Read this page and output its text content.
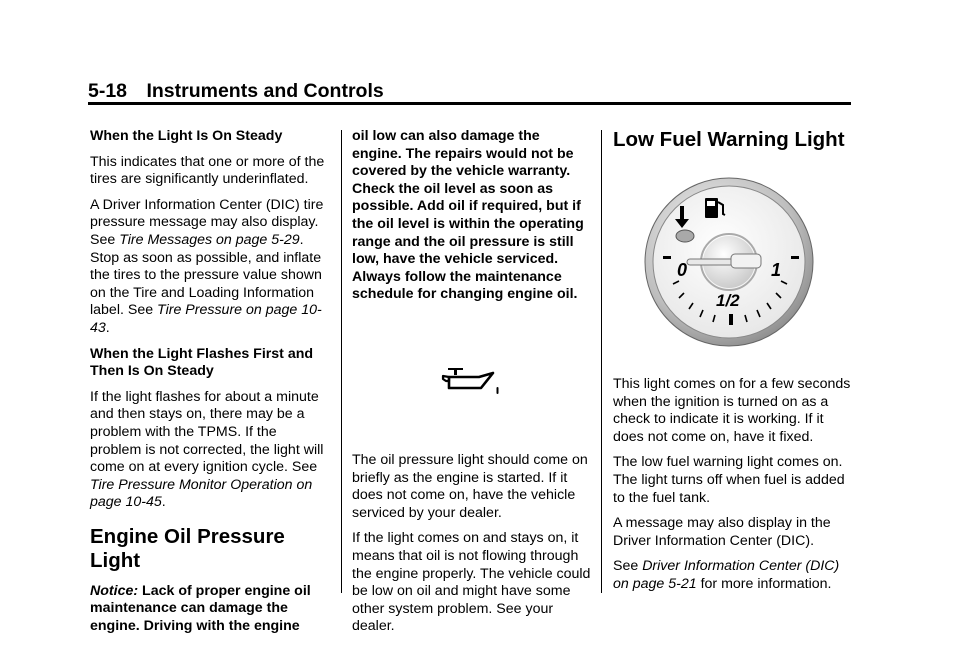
5-18 Instruments and Controls

When the Light Is On Steady

This indicates that one or more of the tires are significantly underinflated.

A Driver Information Center (DIC) tire pressure message may also display. See Tire Messages on page 5-29. Stop as soon as possible, and inflate the tires to the pressure value shown on the Tire and Loading Information label. See Tire Pressure on page 10-43.

When the Light Flashes First and Then Is On Steady

If the light flashes for about a minute and then stays on, there may be a problem with the TPMS. If the problem is not corrected, the light will come on at every ignition cycle. See Tire Pressure Monitor Operation on page 10-45.

Engine Oil Pressure Light

Notice: Lack of proper engine oil maintenance can damage the engine. Driving with the engine

oil low can also damage the engine. The repairs would not be covered by the vehicle warranty. Check the oil level as soon as possible. Add oil if required, but if the oil level is within the operating range and the oil pressure is still low, have the vehicle serviced. Always follow the maintenance schedule for changing engine oil.

The oil pressure light should come on briefly as the engine is started. If it does not come on, have the vehicle serviced by your dealer.

If the light comes on and stays on, it means that oil is not flowing through the engine properly. The vehicle could be low on oil and might have some other system problem. See your dealer.

Low Fuel Warning Light
0	1
1/2

This light comes on for a few seconds when the ignition is turned on as a check to indicate it is working. If it does not come on, have it fixed.

The low fuel warning light comes on. The light turns off when fuel is added to the fuel tank.

A message may also display in the Driver Information Center (DIC).

See Driver Information Center (DIC) on page 5-21 for more information.
